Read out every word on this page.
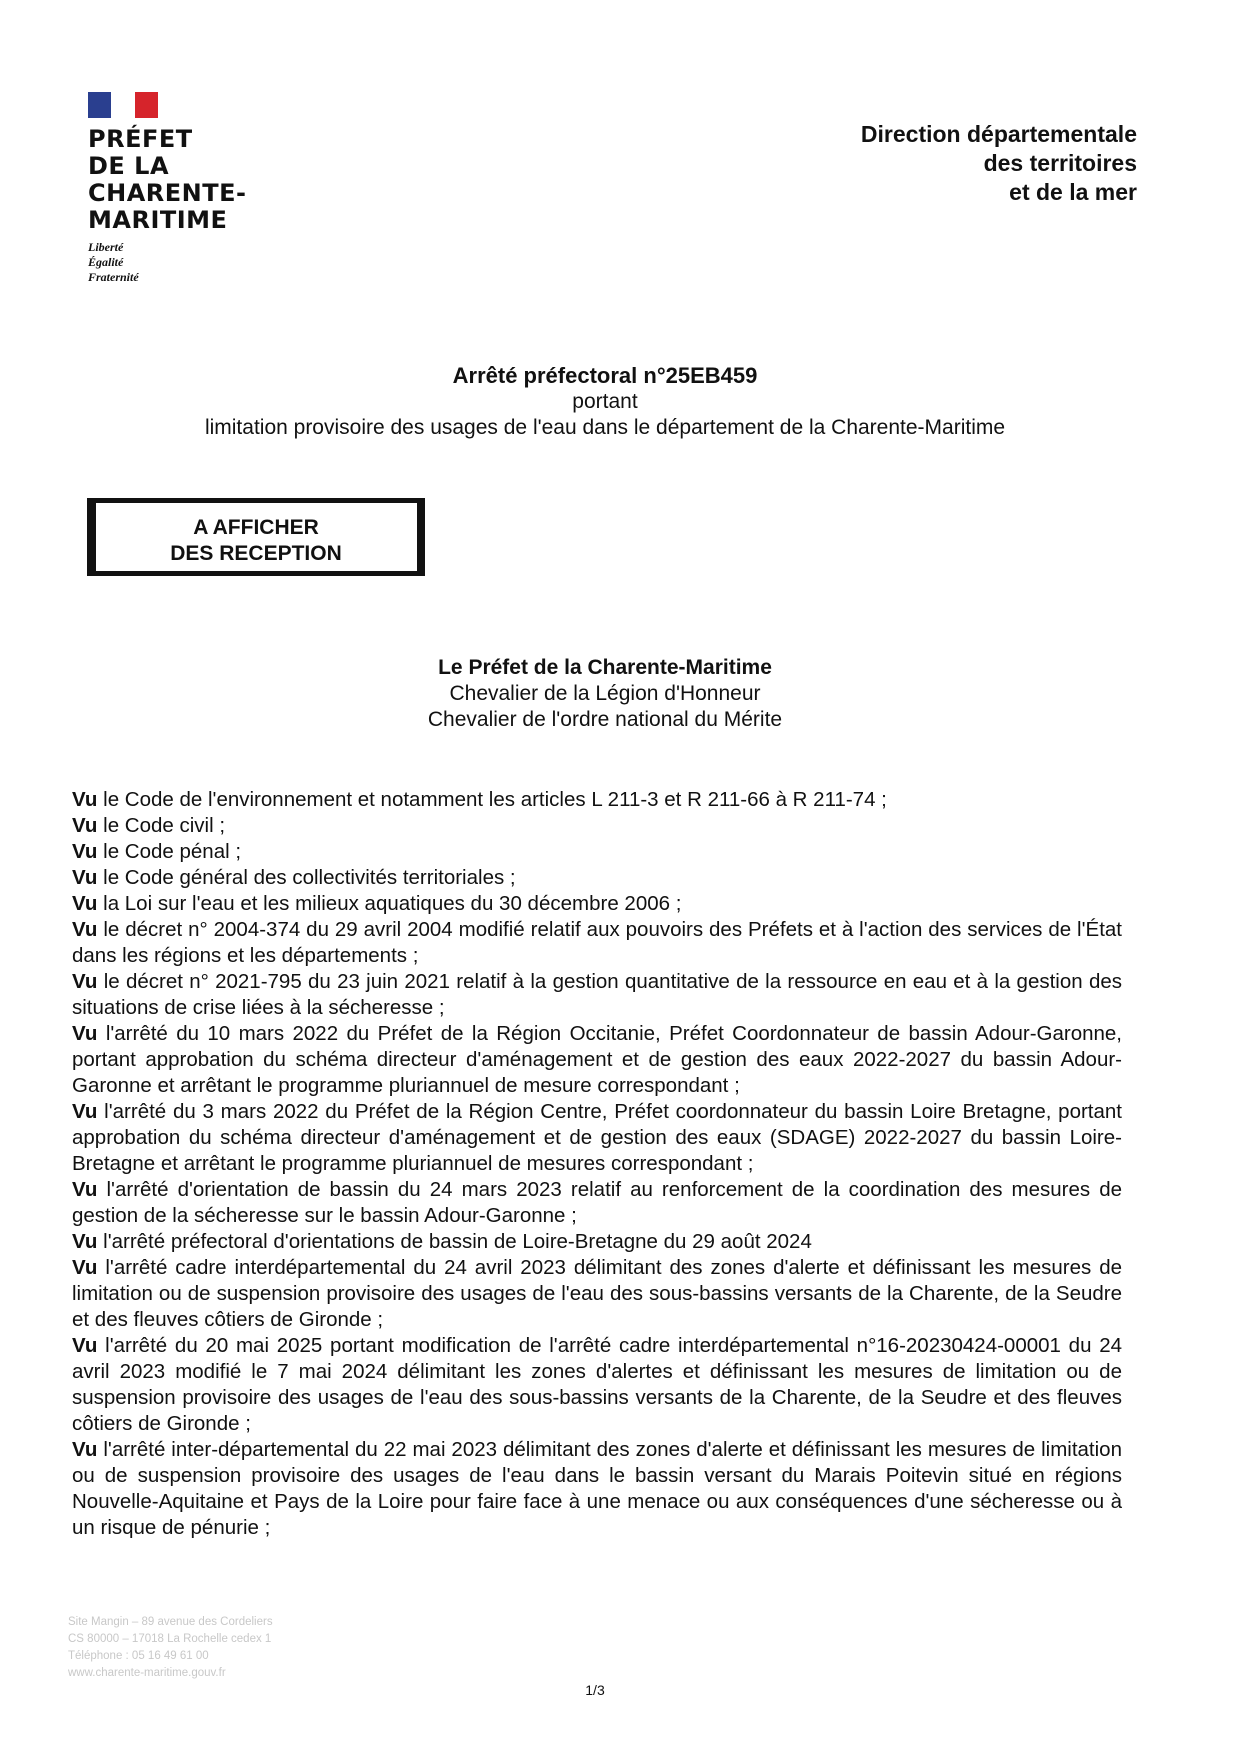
PRÉFET
DE LA
CHARENTE-
MARITIME
Liberté
Égalité
Fraternité
Direction départementale
des territoires
et de la mer
Arrêté préfectoral n°25EB459
portant
limitation provisoire des usages de l'eau dans le département de la Charente-Maritime
A AFFICHER
DES RECEPTION
Le Préfet de la Charente-Maritime
Chevalier de la Légion d'Honneur
Chevalier de l'ordre national du Mérite

Vu le Code de l'environnement et notamment les articles L 211-3 et R 211-66 à R 211-74 ;

Vu le Code civil ;

Vu le Code pénal ;

Vu le Code général des collectivités territoriales ;

Vu la Loi sur l'eau et les milieux aquatiques du 30 décembre 2006 ;

Vu le décret n° 2004-374 du 29 avril 2004 modifié relatif aux pouvoirs des Préfets et à l'action des services de l'État dans les régions et les départements ;

Vu le décret n° 2021-795 du 23 juin 2021 relatif à la gestion quantitative de la ressource en eau et à la gestion des situations de crise liées à la sécheresse ;

Vu l'arrêté du 10 mars 2022 du Préfet de la Région Occitanie, Préfet Coordonnateur de bassin Adour-Garonne, portant approbation du schéma directeur d'aménagement et de gestion des eaux 2022-2027 du bassin Adour-Garonne et arrêtant le programme pluriannuel de mesure correspondant ;

Vu l'arrêté du 3 mars 2022 du Préfet de la Région Centre, Préfet coordonnateur du bassin Loire Bretagne, portant approbation du schéma directeur d'aménagement et de gestion des eaux (SDAGE) 2022-2027 du bassin Loire-Bretagne et arrêtant le programme pluriannuel de mesures correspondant ;

Vu l'arrêté d'orientation de bassin du 24 mars 2023 relatif au renforcement de la coordination des mesures de gestion de la sécheresse sur le bassin Adour-Garonne ;

Vu l'arrêté préfectoral d'orientations de bassin de Loire-Bretagne du 29 août 2024

Vu l'arrêté cadre interdépartemental du 24 avril 2023 délimitant des zones d'alerte et définissant les mesures de limitation ou de suspension provisoire des usages de l'eau des sous-bassins versants de la Charente, de la Seudre et des fleuves côtiers de Gironde ;

Vu l'arrêté du 20 mai 2025 portant modification de l'arrêté cadre interdépartemental n°16-20230424-00001 du 24 avril 2023 modifié le 7 mai 2024 délimitant les zones d'alertes et définissant les mesures de limitation ou de suspension provisoire des usages de l'eau des sous-bassins versants de la Charente, de la Seudre et des fleuves côtiers de Gironde ;

Vu l'arrêté inter-départemental du 22 mai 2023 délimitant des zones d'alerte et définissant les mesures de limitation ou de suspension provisoire des usages de l'eau dans le bassin versant du Marais Poitevin situé en régions Nouvelle-Aquitaine et Pays de la Loire pour faire face à une menace ou aux conséquences d'une sécheresse ou à un risque de pénurie ;

Site Mangin – 89 avenue des Cordeliers
CS 80000 – 17018 La Rochelle cedex 1
Téléphone : 05 16 49 61 00
www.charente-maritime.gouv.fr
1/3
